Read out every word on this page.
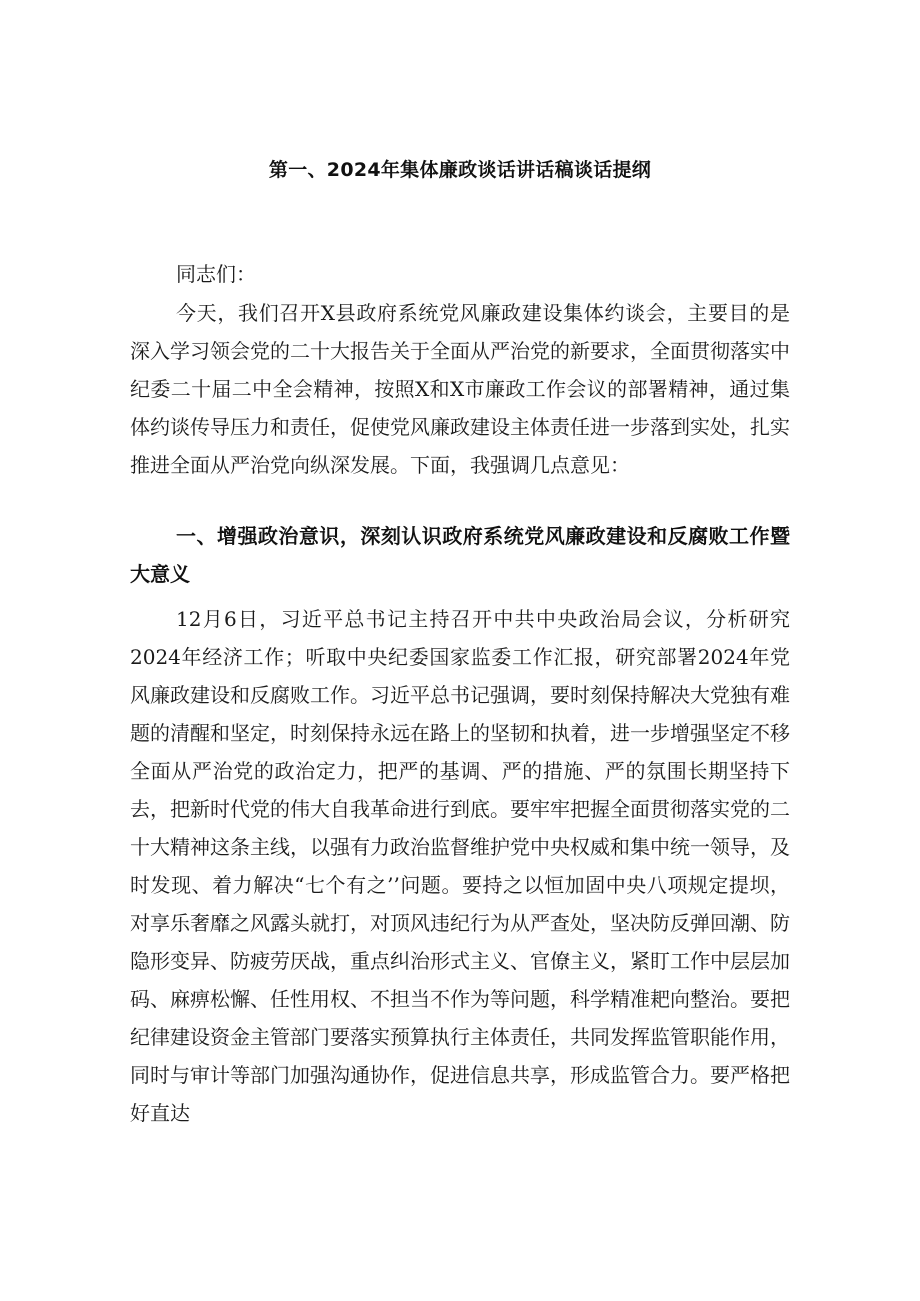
第一、2024年集体廉政谈话讲话稿谈话提纲

同志们：

今天，我们召开X县政府系统党风廉政建设集体约谈会，主要目的是深入学习领会党的二十大报告关于全面从严治党的新要求，全面贯彻落实中纪委二十届二中全会精神，按照X和X市廉政工作会议的部署精神，通过集体约谈传导压力和责任，促使党风廉政建设主体责任进一步落到实处，扎实推进全面从严治党向纵深发展。下面，我强调几点意见：

一、增强政治意识，深刻认识政府系统党风廉政建设和反腐败工作暨大意义

12月6日，习近平总书记主持召开中共中央政治局会议，分析研究2024年经济工作；听取中央纪委国家监委工作汇报，研究部署2024年党风廉政建设和反腐败工作。习近平总书记强调，要时刻保持解决大党独有难题的清醒和坚定，时刻保持永远在路上的坚韧和执着，进一步增强坚定不移全面从严治党的政治定力，把严的基调、严的措施、严的氛围长期坚持下去，把新时代党的伟大自我革命进行到底。要牢牢把握全面贯彻落实党的二十大精神这条主线，以强有力政治监督维护党中央权威和集中统一领导，及时发现、着力解决“七个有之’’问题。要持之以恒加固中央八项规定提坝，对享乐奢靡之风露头就打，对顶风违纪行为从严查处，坚决防反弹回潮、防隐形变异、防疲劳厌战，重点纠治形式主义、官僚主义，紧盯工作中层层加码、麻痹松懈、任性用权、不担当不作为等问题，科学精准耙向整治。要把纪律建设资金主管部门要落实预算执行主体责任，共同发挥监管职能作用，同时与审计等部门加强沟通协作，促进信息共享，形成监管合力。要严格把好直达
